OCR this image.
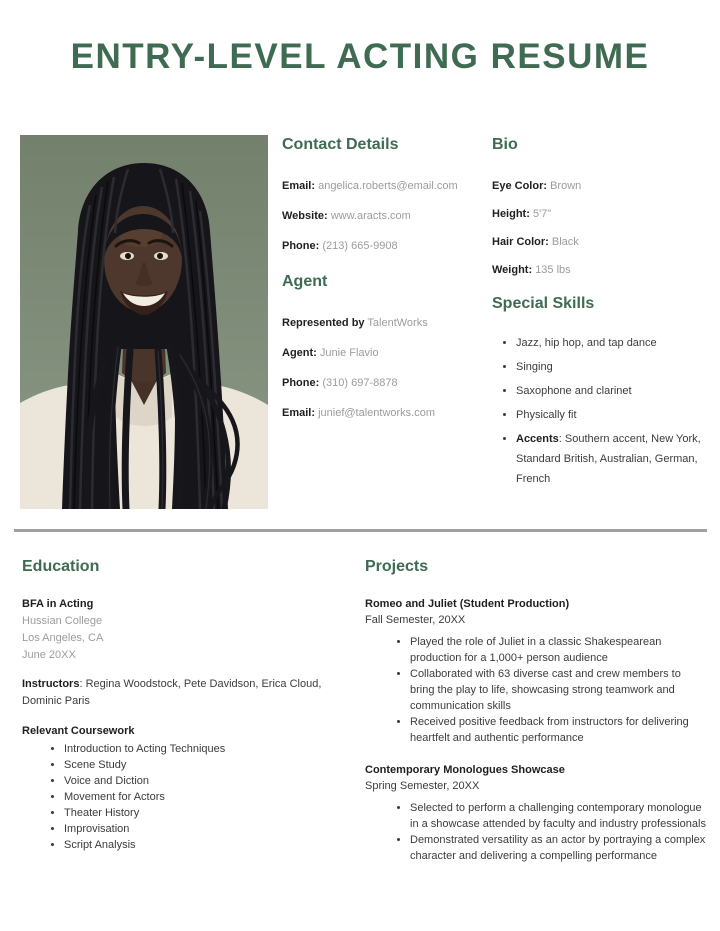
ENTRY-LEVEL ACTING RESUME
Contact Details
Email: angelica.roberts@email.com
Website: www.aracts.com
Phone: (213) 665-9908
Agent
Represented by TalentWorks
Agent: Junie Flavio
Phone: (310) 697-8878
Email: junief@talentworks.com
Bio
Eye Color: Brown
Height: 5'7"
Hair Color: Black
Weight: 135 lbs
Special Skills
• Jazz, hip hop, and tap dance
• Singing
• Saxophone and clarinet
• Physically fit
• Accents: Southern accent, New York, Standard British, Australian, German, French
Education
BFA in Acting
Hussian College
Los Angeles, CA
June 20XX

Instructors: Regina Woodstock, Pete Davidson, Erica Cloud, Dominic Paris

Relevant Coursework
• Introduction to Acting Techniques
• Scene Study
• Voice and Diction
• Movement for Actors
• Theater History
• Improvisation
• Script Analysis
Projects
Romeo and Juliet (Student Production)
Fall Semester, 20XX
• Played the role of Juliet in a classic Shakespearean production for a 1,000+ person audience
• Collaborated with 63 diverse cast and crew members to bring the play to life, showcasing strong teamwork and communication skills
• Received positive feedback from instructors for delivering heartfelt and authentic performance
Contemporary Monologues Showcase
Spring Semester, 20XX
• Selected to perform a challenging contemporary monologue in a showcase attended by faculty and industry professionals
• Demonstrated versatility as an actor by portraying a complex character and delivering a compelling performance
